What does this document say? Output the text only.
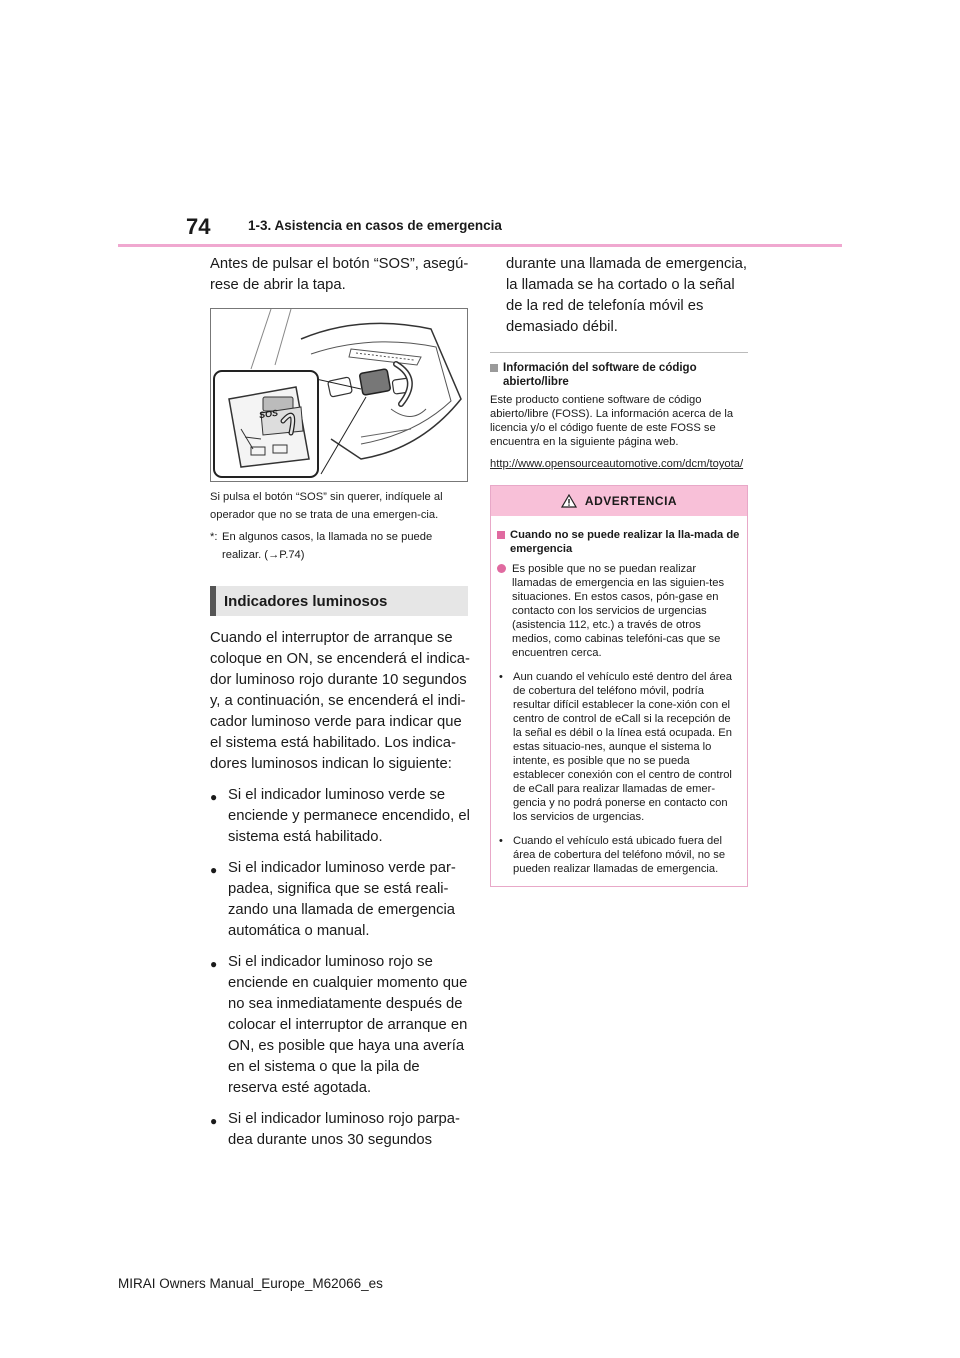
74	1-3. Asistencia en casos de emergencia

Antes de pulsar el botón “SOS”, asegú-rese de abrir la tapa.

SOS

Si pulsa el botón “SOS” sin querer, indíquele al operador que no se trata de una emergen-cia.

*: En algunos casos, la llamada no se puede realizar. (→P.74)
Indicadores luminosos

Cuando el interruptor de arranque se coloque en ON, se encenderá el indica-dor luminoso rojo durante 10 segundos y, a continuación, se encenderá el indi-cador luminoso verde para indicar que el sistema está habilitado. Los indica-dores luminosos indican lo siguiente:

● Si el indicador luminoso verde se enciende y permanece encendido, el sistema está habilitado.
● Si el indicador luminoso verde par-padea, significa que se está reali-zando una llamada de emergencia automática o manual.
● Si el indicador luminoso rojo se enciende en cualquier momento que no sea inmediatamente después de colocar el interruptor de arranque en ON, es posible que haya una avería en el sistema o que la pila de reserva esté agotada.
● Si el indicador luminoso rojo parpa-dea durante unos 30 segundos

durante una llamada de emergencia, la llamada se ha cortado o la señal de la red de telefonía móvil es demasiado débil.

Información del software de código abierto/libre

Este producto contiene software de código abierto/libre (FOSS). La información acerca de la licencia y/o el código fuente de este FOSS se encuentra en la siguiente página web.

http://www.opensourceautomotive.com/dcm/toyota/
ADVERTENCIA
Cuando no se puede realizar la lla-mada de emergencia
Es posible que no se puedan realizar llamadas de emergencia en las siguien-tes situaciones. En estos casos, pón-gase en contacto con los servicios de urgencias (asistencia 112, etc.) a través de otros medios, como cabinas telefóni-cas que se encuentren cerca.
• Aun cuando el vehículo esté dentro del área de cobertura del teléfono móvil, podría resultar difícil establecer la cone-xión con el centro de control de eCall si la recepción de la señal es débil o la línea está ocupada. En estas situacio-nes, aunque el sistema lo intente, es posible que no se pueda establecer conexión con el centro de control de eCall para realizar llamadas de emer-gencia y no podrá ponerse en contacto con los servicios de urgencias.
• Cuando el vehículo está ubicado fuera del área de cobertura del teléfono móvil, no se pueden realizar llamadas de emergencia.
MIRAI Owners Manual_Europe_M62066_es
